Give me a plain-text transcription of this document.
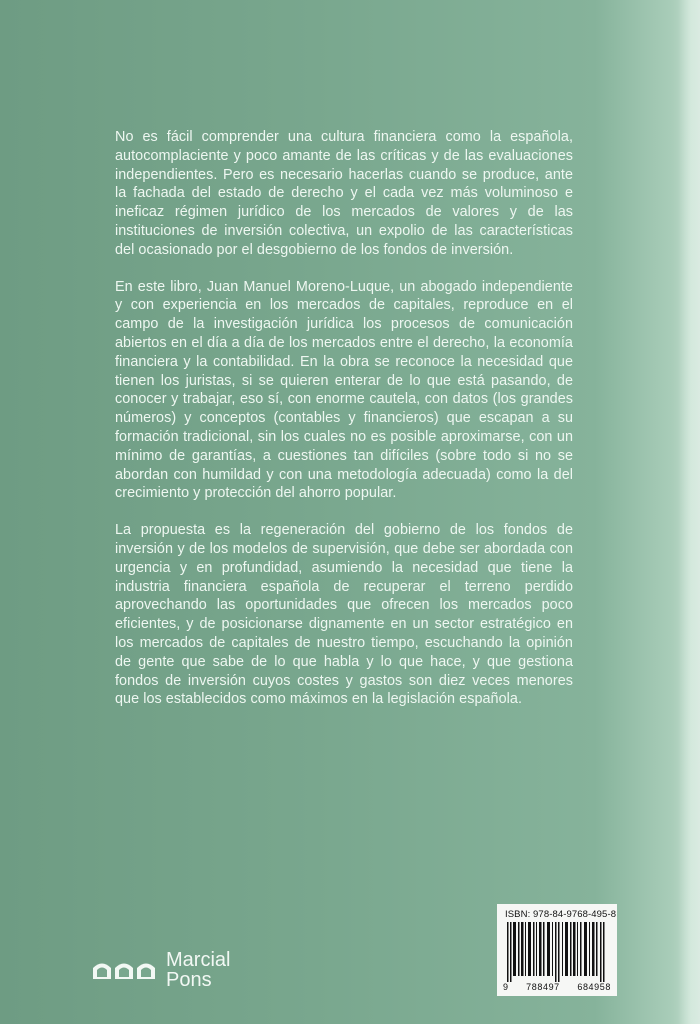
No es fácil comprender una cultura financiera como la española, autocomplaciente y poco amante de las críticas y de las evaluaciones independientes. Pero es necesario hacerlas cuando se produce, ante la fachada del estado de derecho y el cada vez más voluminoso e ineficaz régimen jurídico de los mercados de valores y de las instituciones de inversión colectiva, un expolio de las características del ocasionado por el desgobierno de los fondos de inversión.

En este libro, Juan Manuel Moreno-Luque, un abogado independiente y con experiencia en los mercados de capitales, reproduce en el campo de la investigación jurídica los procesos de comunicación abiertos en el día a día de los mercados entre el derecho, la economía financiera y la contabilidad. En la obra se reconoce la necesidad que tienen los juristas, si se quieren enterar de lo que está pasando, de conocer y trabajar, eso sí, con enorme cautela, con datos (los grandes números) y conceptos (contables y financieros) que escapan a su formación tradicional, sin los cuales no es posible aproximarse, con un mínimo de garantías, a cuestiones tan difíciles (sobre todo si no se abordan con humildad y con una metodología adecuada) como la del crecimiento y protección del ahorro popular.

La propuesta es la regeneración del gobierno de los fondos de inversión y de los modelos de supervisión, que debe ser abordada con urgencia y en profundidad, asumiendo la necesidad que tiene la industria financiera española de recuperar el terreno perdido aprovechando las oportunidades que ofrecen los mercados poco eficientes, y de posicionarse dignamente en un sector estratégico en los mercados de capitales de nuestro tiempo, escuchando la opinión de gente que sabe de lo que habla y lo que hace, y que gestiona fondos de inversión cuyos costes y gastos son diez veces menores que los establecidos como máximos en la legislación española.

Marcial
Pons
ISBN: 978-84-9768-495-8
9 788497 684958
